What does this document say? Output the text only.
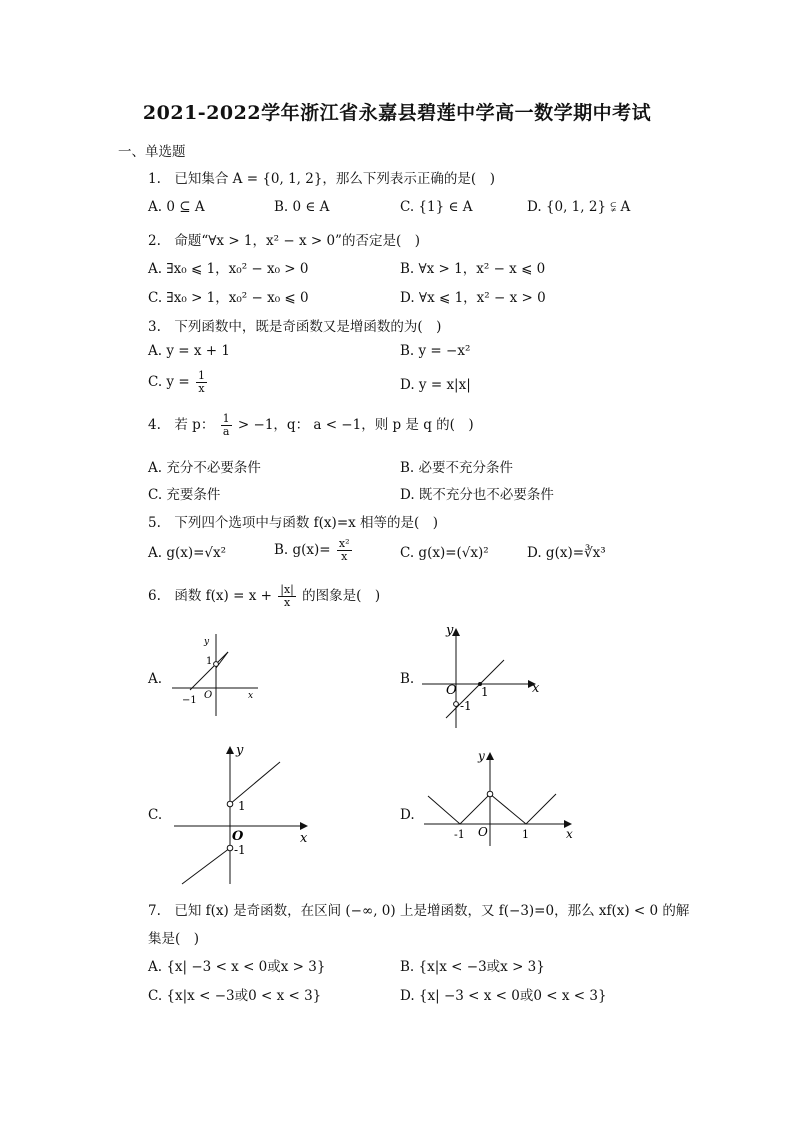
2021-2022学年浙江省永嘉县碧莲中学高一数学期中考试
一、单选题
1.　已知集合 A = {0, 1, 2}，那么下列表示正确的是(　)
A. 0 ⊆ A	B. 0 ∈ A	C. {1} ∈ A	D. {0, 1, 2} ⫋ A
2.　命题“∀x > 1，x² − x > 0”的否定是(　)
A. ∃x₀ ⩽ 1，x₀² − x₀ > 0	B. ∀x > 1，x² − x ⩽ 0
C. ∃x₀ > 1，x₀² − x₀ ⩽ 0	D. ∀x ⩽ 1，x² − x > 0
3.　下列函数中，既是奇函数又是增函数的为(　)
A. y = x + 1	B. y = −x²
C. $y = \frac{1}{x}$	D. y = x|x|
4.　若 p： $\frac{1}{a} > -1$，q： a < −1，则 p 是 q 的(　)
A. 充分不必要条件	B. 必要不充分条件
C. 充要条件	D. 既不充分也不必要条件
5.　下列四个选项中与函数 f(x)=x 相等的是(　)
A. g(x)=√x²	B. $g(x)= \frac{\text{x²}}{x}$	C. g(x)=(√x)²	D. g(x)=∛x³
6.　函数 $f(x) = x + \frac{|x|}{x}$ 的图象是(　)
A.	B.
C.	D.
y
x
O
1
−1
y
x
O 1
-1
y
x
O
1
-1
y
x
O	1
-1
7.　已知 f(x) 是奇函数，在区间 (−∞, 0) 上是增函数，又 f(−3)=0，那么 xf(x) < 0 的解
集是(　)
A. {x| −3 < x < 0或x > 3}	B. {x|x < −3或x > 3}
C. {x|x < −3或0 < x < 3}	D. {x| −3 < x < 0或0 < x < 3}
